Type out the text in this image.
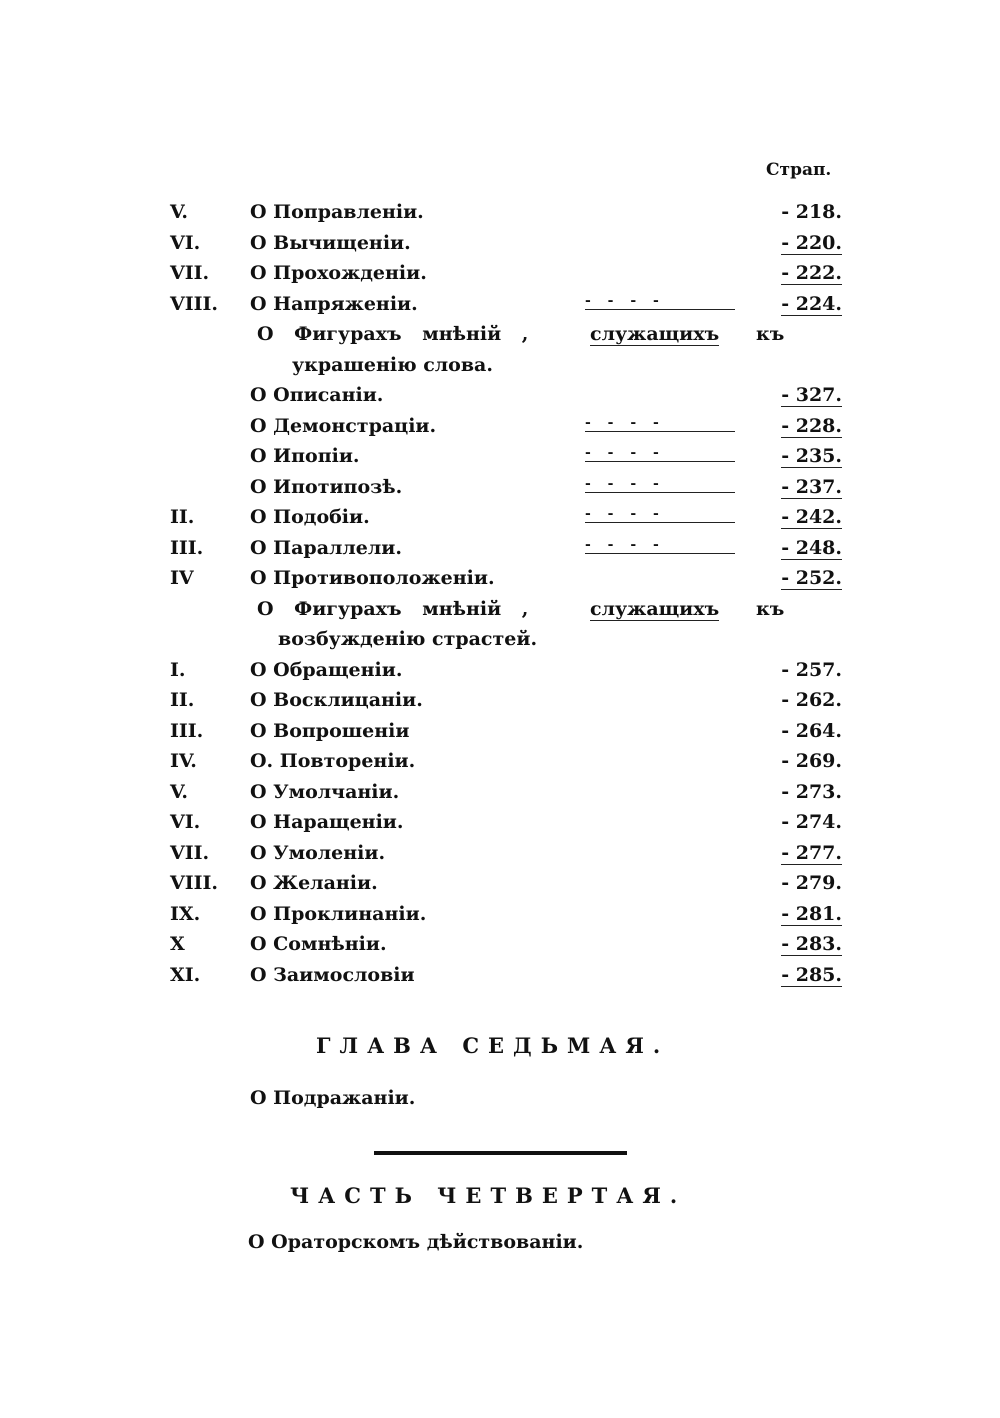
Страп.
V.	О Поправленіи.	- 218.
VI.	О Вычищеніи.	- 220.
VII. О Прохожденіи.	- 222.
VIII. О Напряженіи.	- - - -	- 224.
О Фигурахъ мнѣній ,	служащихъ къ
украшенію слова.
О Описаніи.	- 327.
О Демонстраціи.	- - - -	- 228.
О Ипопіи.	- - - -	- 235.
О Ипотипозѣ.	- - - -	- 237.
II.	О Подобіи.	- - - -	- 242.
III. О Параллели.	- - - -	- 248.
IV	О Противоположеніи.	- 252.
О Фигурахъ мнѣній ,	служащихъ къ
возбужденію страстей.
I.	О Обращеніи.	- 257.
II.	О Восклицаніи.	- 262.
III. О Вопрошеніи	- 264.
IV.	О. Повтореніи.	- 269.
V.	О Умолчаніи.	- 273.
VI.	О Наращеніи.	- 274.
VII. О Умоленіи.	- 277.
VIII. О Желаніи.	- 279.
IX.	О Проклинаніи.	- 281.
X	О Сомнѣніи.	- 283.
XI.	О Заимословіи	- 285.
ГЛАВА СЕДЬМАЯ.
О Подражаніи.
ЧАСТЬ ЧЕТВЕРТАЯ.
О Ораторскомъ дѣйствованіи.
